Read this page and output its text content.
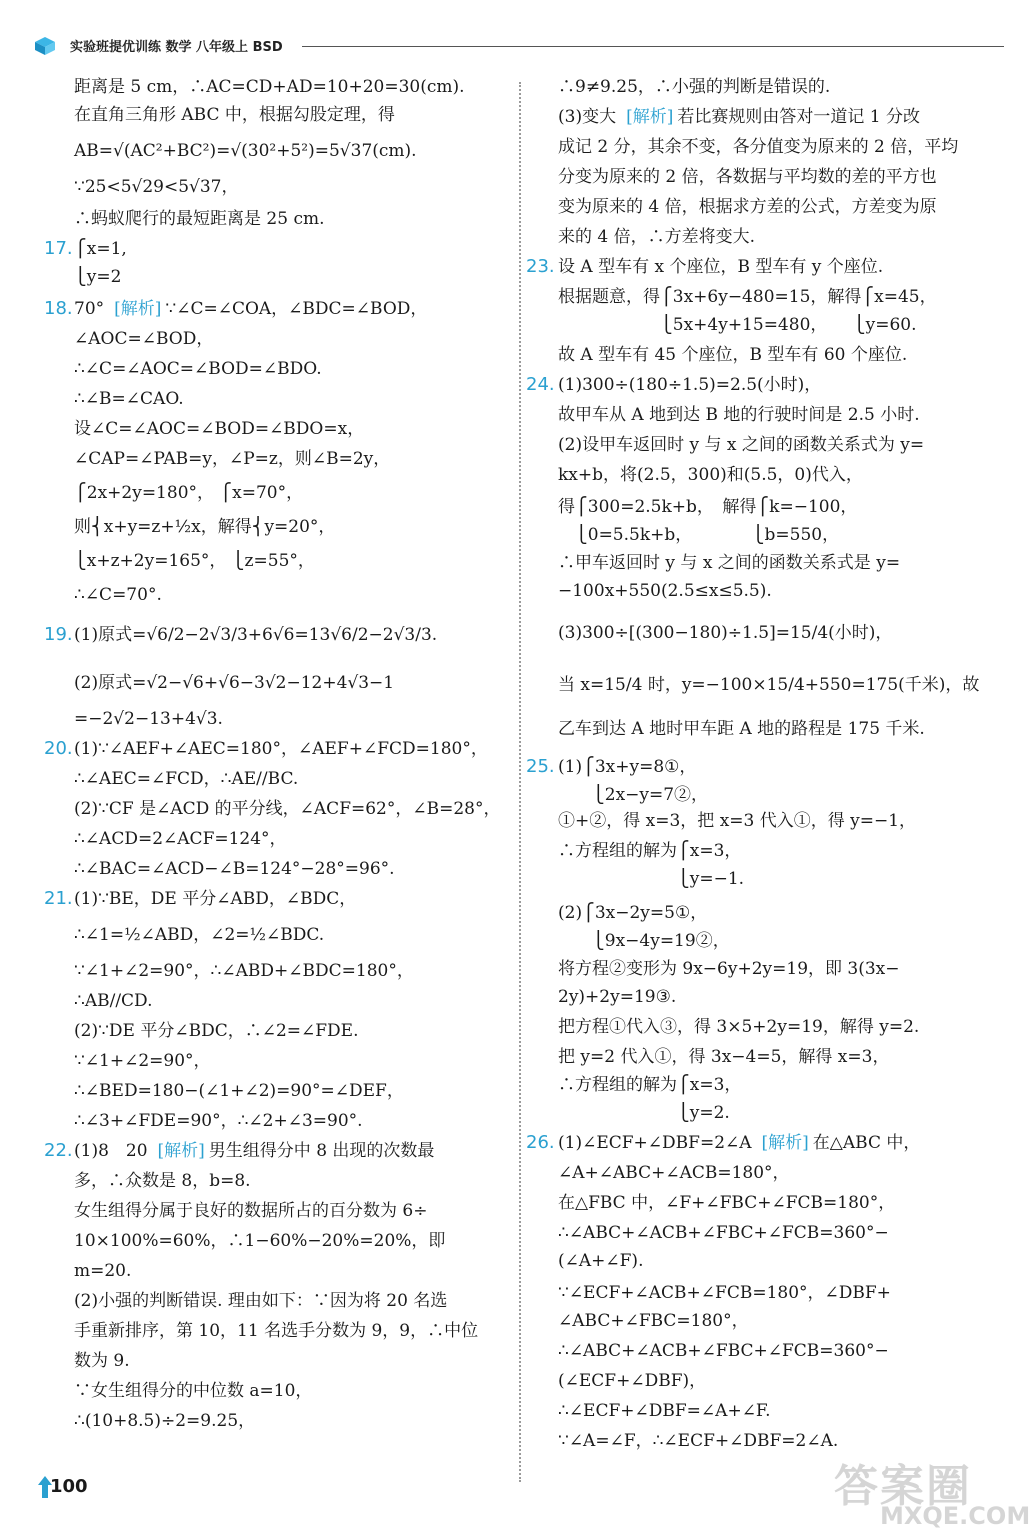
实验班提优训练 数学 八年级上 BSD
距离是 5 cm，∴AC=CD+AD=10+20=30(cm).
在直角三角形 ABC 中，根据勾股定理，得
AB=√(AC²+BC²)=√(30²+5²)=5√37(cm).
∵25<5√29<5√37，
∴蚂蚁爬行的最短距离是 25 cm.
17. ⎧x=1,
⎩y=2
18. 70° [解析] ∵∠C=∠COA，∠BDC=∠BOD，
∠AOC=∠BOD，
∴∠C=∠AOC=∠BOD=∠BDO.
∴∠B=∠CAO.
设∠C=∠AOC=∠BOD=∠BDO=x，
∠CAP=∠PAB=y，∠P=z，则∠B=2y，
⎧2x+2y=180°， ⎧x=70°，
则⎨x+y=z+½x，解得⎨y=20°，
⎩x+z+2y=165°， ⎩z=55°，
∴∠C=70°.
19. (1)原式=√6/2−2√3/3+6√6=13√6/2−2√3/3.
(2)原式=√2−√6+√6−3√2−12+4√3−1
=−2√2−13+4√3.
20. (1)∵∠AEF+∠AEC=180°，∠AEF+∠FCD=180°，
∴∠AEC=∠FCD，∴AE//BC.
(2)∵CF 是∠ACD 的平分线，∠ACF=62°，∠B=28°，
∴∠ACD=2∠ACF=124°，
∴∠BAC=∠ACD−∠B=124°−28°=96°.
21. (1)∵BE，DE 平分∠ABD，∠BDC，
∴∠1=½∠ABD，∠2=½∠BDC.
∵∠1+∠2=90°，∴∠ABD+∠BDC=180°，
∴AB//CD.
(2)∵DE 平分∠BDC，∴∠2=∠FDE.
∵∠1+∠2=90°，
∴∠BED=180−(∠1+∠2)=90°=∠DEF，
∴∠3+∠FDE=90°，∴∠2+∠3=90°.
22. (1)8　20 [解析] 男生组得分中 8 出现的次数最
多，∴众数是 8，b=8.
女生组得分属于良好的数据所占的百分数为 6÷
10×100%=60%，∴1−60%−20%=20%，即
m=20.
(2)小强的判断错误. 理由如下：∵因为将 20 名选
手重新排序，第 10，11 名选手分数为 9，9，∴中位
数为 9.
∵女生组得分的中位数 a=10，
∴(10+8.5)÷2=9.25，
∴9≠9.25，∴小强的判断是错误的.
(3)变大 [解析] 若比赛规则由答对一道记 1 分改
成记 2 分，其余不变，各分值变为原来的 2 倍，平均
分变为原来的 2 倍，各数据与平均数的差的平方也
变为原来的 4 倍，根据求方差的公式，方差变为原
来的 4 倍，∴方差将变大.
23. 设 A 型车有 x 个座位，B 型车有 y 个座位.
根据题意，得⎧3x+6y−480=15，解得⎧x=45，
　　　　　　⎩5x+4y+15=480，　　⎩y=60.
故 A 型车有 45 个座位，B 型车有 60 个座位.
24. (1)300÷(180÷1.5)=2.5(小时)，
故甲车从 A 地到达 B 地的行驶时间是 2.5 小时.
(2)设甲车返回时 y 与 x 之间的函数关系式为 y=
kx+b，将(2.5，300)和(5.5，0)代入，
得⎧300=2.5k+b，　解得⎧k=−100，
　⎩0=5.5k+b，　　　　⎩b=550，
∴甲车返回时 y 与 x 之间的函数关系式是 y=
−100x+550(2.5≤x≤5.5).
(3)300÷[(300−180)÷1.5]=15/4(小时)，
当 x=15/4 时，y=−100×15/4+550=175(千米)，故
乙车到达 A 地时甲车距 A 地的路程是 175 千米.
25. (1)⎧3x+y=8①，
　　⎩2x−y=7②，
①+②，得 x=3，把 x=3 代入①，得 y=−1，
∴方程组的解为⎧x=3，
　　　　　　　⎩y=−1.
(2)⎧3x−2y=5①，
　　⎩9x−4y=19②，
将方程②变形为 9x−6y+2y=19，即 3(3x−
2y)+2y=19③.
把方程①代入③，得 3×5+2y=19，解得 y=2.
把 y=2 代入①，得 3x−4=5，解得 x=3，
∴方程组的解为⎧x=3，
　　　　　　　⎩y=2.
26. (1)∠ECF+∠DBF=2∠A [解析] 在△ABC 中，
∠A+∠ABC+∠ACB=180°，
在△FBC 中，∠F+∠FBC+∠FCB=180°，
∴∠ABC+∠ACB+∠FBC+∠FCB=360°−
(∠A+∠F).
∵∠ECF+∠ACB+∠FCB=180°，∠DBF+
∠ABC+∠FBC=180°，
∴∠ABC+∠ACB+∠FBC+∠FCB=360°−
(∠ECF+∠DBF)，
∴∠ECF+∠DBF=∠A+∠F.
∵∠A=∠F，∴∠ECF+∠DBF=2∠A.
100	答案圈
MXQE.COM
